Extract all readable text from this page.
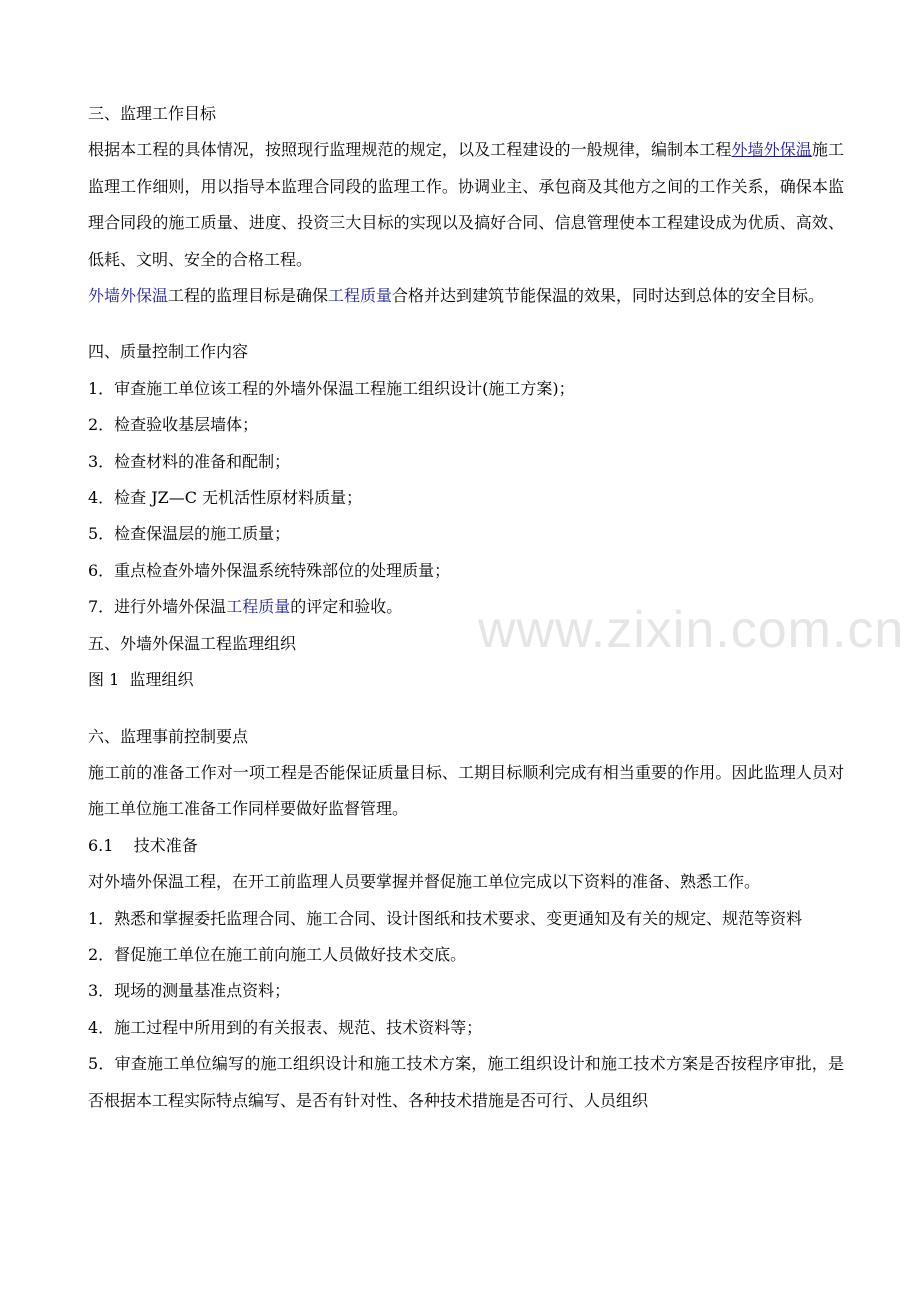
三、监理工作目标

根据本工程的具体情况，按照现行监理规范的规定，以及工程建设的一般规律，编制本工程外墙外保温施工监理工作细则，用以指导本监理合同段的监理工作。协调业主、承包商及其他方之间的工作关系，确保本监理合同段的施工质量、进度、投资三大目标的实现以及搞好合同、信息管理使本工程建设成为优质、高效、低耗、文明、安全的合格工程。

外墙外保温工程的监理目标是确保工程质量合格并达到建筑节能保温的效果，同时达到总体的安全目标。

四、质量控制工作内容

1．审查施工单位该工程的外墙外保温工程施工组织设计(施工方案)；

2．检查验收基层墙体；

3．检查材料的准备和配制；

4．检查 JZ—C 无机活性原材料质量；

5．检查保温层的施工质量；

6．重点检查外墙外保温系统特殊部位的处理质量；

7．进行外墙外保温工程质量的评定和验收。

五、外墙外保温工程监理组织

图 1  监理组织

六、监理事前控制要点

施工前的准备工作对一项工程是否能保证质量目标、工期目标顺利完成有相当重要的作用。因此监理人员对施工单位施工准备工作同样要做好监督管理。

6.1    技术准备

对外墙外保温工程，在开工前监理人员要掌握并督促施工单位完成以下资料的准备、熟悉工作。

1．熟悉和掌握委托监理合同、施工合同、设计图纸和技术要求、变更通知及有关的规定、规范等资料

2．督促施工单位在施工前向施工人员做好技术交底。

3．现场的测量基准点资料；

4．施工过程中所用到的有关报表、规范、技术资料等；

5．审查施工单位编写的施工组织设计和施工技术方案，施工组织设计和施工技术方案是否按程序审批，是否根据本工程实际特点编写、是否有针对性、各种技术措施是否可行、人员组织

www.zixin.com.cn
